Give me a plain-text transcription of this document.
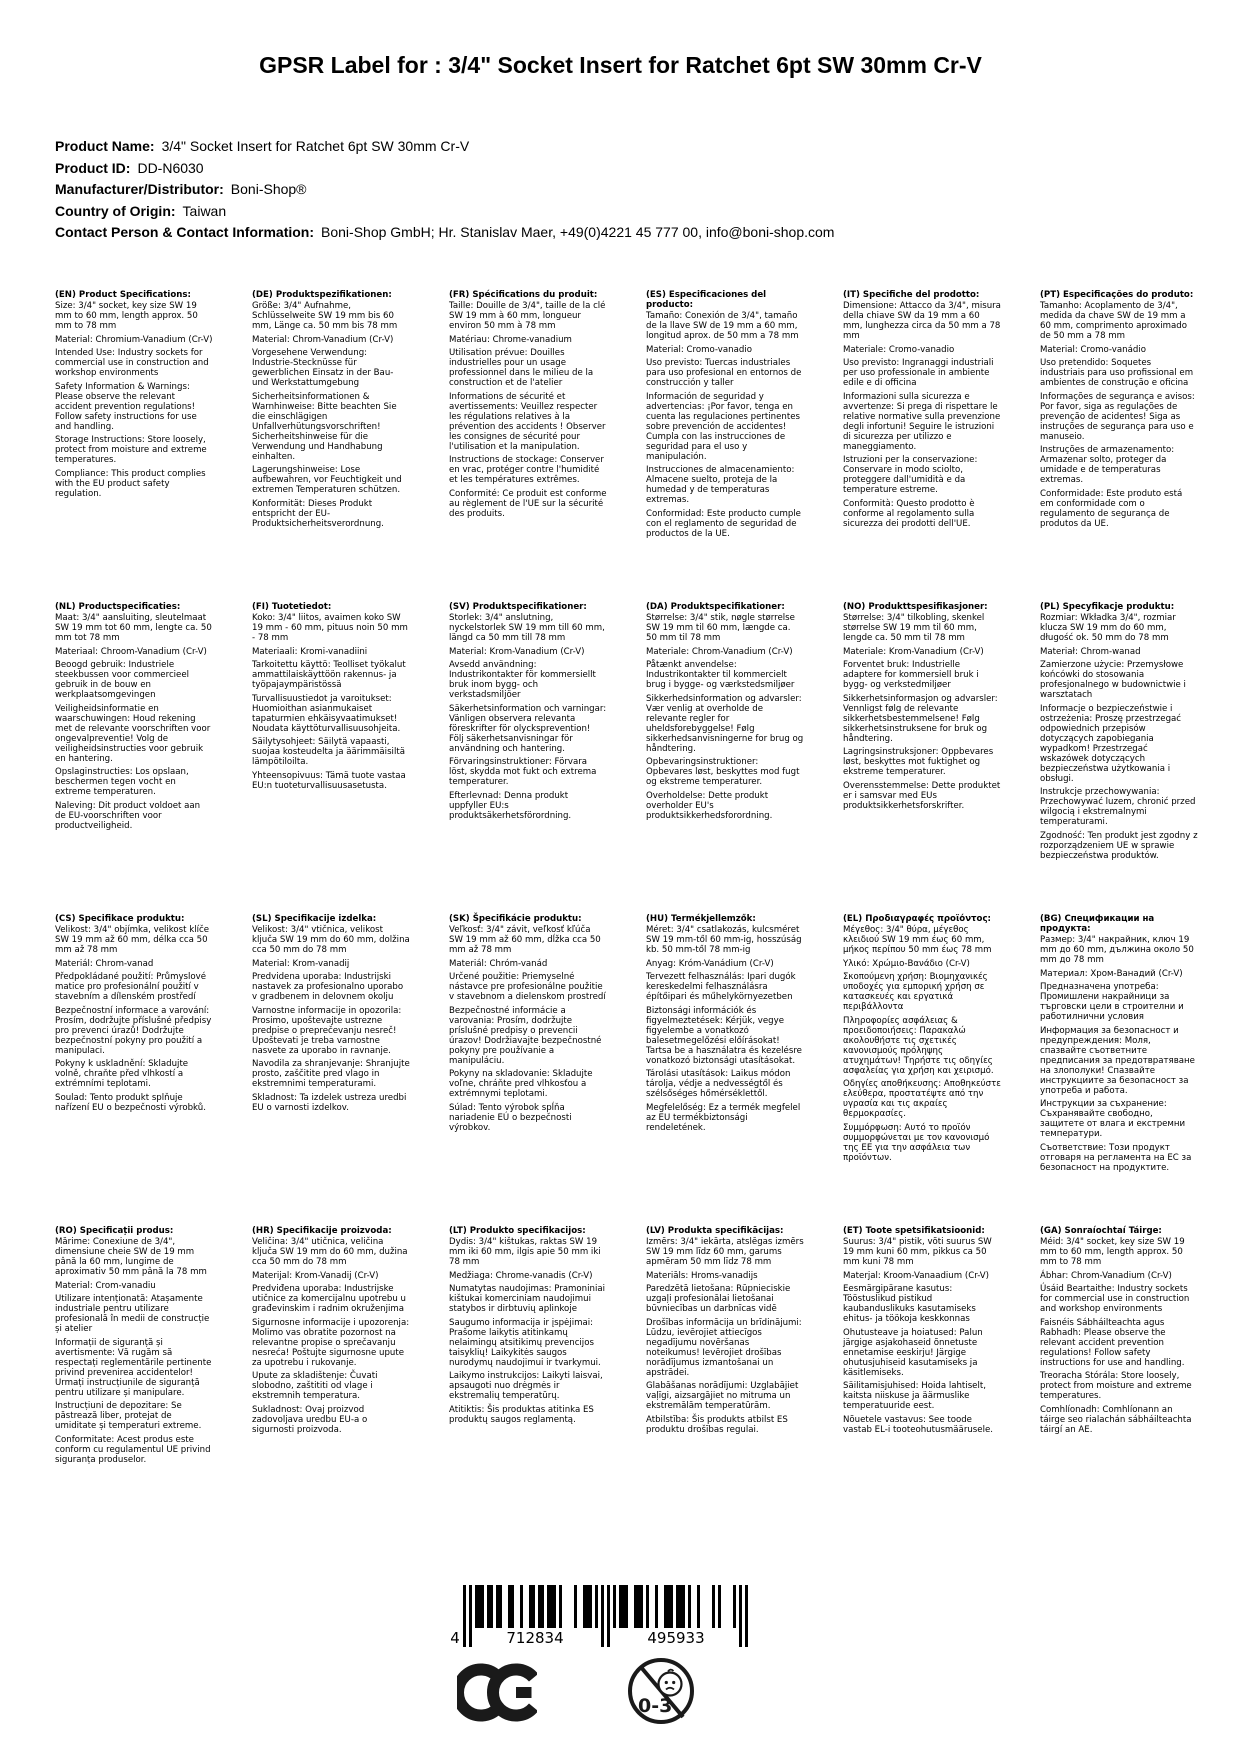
GPSR Label for : 3/4" Socket Insert for Ratchet 6pt SW 30mm Cr-V
Product Name: 3/4" Socket Insert for Ratchet 6pt SW 30mm Cr-V
Product ID: DD-N6030
Manufacturer/Distributor: Boni-Shop®
Country of Origin: Taiwan
Contact Person & Contact Information: Boni-Shop GmbH; Hr. Stanislav Maer, +49(0)4221 45 777 00, info@boni-shop.com
(EN) Product Specifications:

Size: 3/4" socket, key size SW 19 mm to 60 mm, length approx. 50 mm to 78 mm

Material: Chromium-Vanadium (Cr-V)

Intended Use: Industry sockets for commercial use in construction and workshop environments

Safety Information & Warnings: Please observe the relevant accident prevention regulations! Follow safety instructions for use and handling.

Storage Instructions: Store loosely, protect from moisture and extreme temperatures.

Compliance: This product complies with the EU product safety regulation.

(DE) Produktspezifikationen:

Größe: 3/4" Aufnahme, Schlüsselweite SW 19 mm bis 60 mm, Länge ca. 50 mm bis 78 mm

Material: Chrom-Vanadium (Cr-V)

Vorgesehene Verwendung: Industrie-Stecknüsse für gewerblichen Einsatz in der Bau- und Werkstattumgebung

Sicherheitsinformationen & Warnhinweise: Bitte beachten Sie die einschlägigen Unfallverhütungsvorschriften! Sicherheitshinweise für die Verwendung und Handhabung einhalten.

Lagerungshinweise: Lose aufbewahren, vor Feuchtigkeit und extremen Temperaturen schützen.

Konformität: Dieses Produkt entspricht der EU-Produktsicherheitsverordnung.

(FR) Spécifications du produit:

Taille: Douille de 3/4", taille de la clé SW 19 mm à 60 mm, longueur environ 50 mm à 78 mm

Matériau: Chrome-vanadium

Utilisation prévue: Douilles industrielles pour un usage professionnel dans le milieu de la construction et de l'atelier

Informations de sécurité et avertissements: Veuillez respecter les régulations relatives à la prévention des accidents ! Observer les consignes de sécurité pour l'utilisation et la manipulation.

Instructions de stockage: Conserver en vrac, protéger contre l'humidité et les températures extrêmes.

Conformité: Ce produit est conforme au règlement de l'UE sur la sécurité des produits.

(ES) Especificaciones del producto:

Tamaño: Conexión de 3/4", tamaño de la llave SW de 19 mm a 60 mm, longitud aprox. de 50 mm a 78 mm

Material: Cromo-vanadio

Uso previsto: Tuercas industriales para uso profesional en entornos de construcción y taller

Información de seguridad y advertencias: ¡Por favor, tenga en cuenta las regulaciones pertinentes sobre prevención de accidentes! Cumpla con las instrucciones de seguridad para el uso y manipulación.

Instrucciones de almacenamiento: Almacene suelto, proteja de la humedad y de temperaturas extremas.

Conformidad: Este producto cumple con el reglamento de seguridad de productos de la UE.

(IT) Specifiche del prodotto:

Dimensione: Attacco da 3/4", misura della chiave SW da 19 mm a 60 mm, lunghezza circa da 50 mm a 78 mm

Materiale: Cromo-vanadio

Uso previsto: Ingranaggi industriali per uso professionale in ambiente edile e di officina

Informazioni sulla sicurezza e avvertenze: Si prega di rispettare le relative normative sulla prevenzione degli infortuni! Seguire le istruzioni di sicurezza per utilizzo e maneggiamento.

Istruzioni per la conservazione: Conservare in modo sciolto, proteggere dall'umidità e da temperature estreme.

Conformità: Questo prodotto è conforme al regolamento sulla sicurezza dei prodotti dell'UE.

(PT) Especificações do produto:

Tamanho: Acoplamento de 3/4", medida da chave SW de 19 mm a 60 mm, comprimento aproximado de 50 mm a 78 mm

Material: Cromo-vanádio

Uso pretendido: Soquetes industriais para uso profissional em ambientes de construção e oficina

Informações de segurança e avisos: Por favor, siga as regulações de prevenção de acidentes! Siga as instruções de segurança para uso e manuseio.

Instruções de armazenamento: Armazenar solto, proteger da umidade e de temperaturas extremas.

Conformidade: Este produto está em conformidade com o regulamento de segurança de produtos da UE.

(NL) Productspecificaties:

Maat: 3/4" aansluiting, sleutelmaat SW 19 mm tot 60 mm, lengte ca. 50 mm tot 78 mm

Materiaal: Chroom-Vanadium (Cr-V)

Beoogd gebruik: Industriele steekbussen voor commercieel gebruik in de bouw en werkplaatsomgevingen

Veiligheidsinformatie en waarschuwingen: Houd rekening met de relevante voorschriften voor ongevalpreventie! Volg de veiligheidsinstructies voor gebruik en hantering.

Opslaginstructies: Los opslaan, beschermen tegen vocht en extreme temperaturen.

Naleving: Dit product voldoet aan de EU-voorschriften voor productveiligheid.

(FI) Tuotetiedot:

Koko: 3/4" liitos, avaimen koko SW 19 mm - 60 mm, pituus noin 50 mm - 78 mm

Materiaali: Kromi-vanadiini

Tarkoitettu käyttö: Teolliset työkalut ammattilaiskäyttöön rakennus- ja työpajaympäristössä

Turvallisuustiedot ja varoitukset: Huomioithan asianmukaiset tapaturmien ehkäisyvaatimukset! Noudata käyttöturvallisuusohjeita.

Säilytysohjeet: Säilytä vapaasti, suojaa kosteudelta ja äärimmäisiltä lämpötiloilta.

Yhteensopivuus: Tämä tuote vastaa EU:n tuoteturvallisuusasetusta.

(SV) Produktspecifikationer:

Storlek: 3/4" anslutning, nyckelstorlek SW 19 mm till 60 mm, längd ca 50 mm till 78 mm

Material: Krom-Vanadium (Cr-V)

Avsedd användning: Industrikontakter för kommersiellt bruk inom bygg- och verkstadsmiljöer

Säkerhetsinformation och varningar: Vänligen observera relevanta föreskrifter för olycksprevention! Följ säkerhetsanvisningar för användning och hantering.

Förvaringsinstruktioner: Förvara löst, skydda mot fukt och extrema temperaturer.

Efterlevnad: Denna produkt uppfyller EU:s produktsäkerhetsförordning.

(DA) Produktspecifikationer:

Størrelse: 3/4" stik, nøgle størrelse SW 19 mm til 60 mm, længde ca. 50 mm til 78 mm

Materiale: Chrom-Vanadium (Cr-V)

Påtænkt anvendelse: Industrikontakter til kommercielt brug i bygge- og værkstedsmiljøer

Sikkerhedsinformation og advarsler: Vær venlig at overholde de relevante regler for uheldsforebyggelse! Følg sikkerhedsanvisningerne for brug og håndtering.

Opbevaringsinstruktioner: Opbevares løst, beskyttes mod fugt og ekstreme temperaturer.

Overholdelse: Dette produkt overholder EU's produktsikkerhedsforordning.

(NO) Produkttspesifikasjoner:

Størrelse: 3/4" tilkobling, skenkel størrelse SW 19 mm til 60 mm, lengde ca. 50 mm til 78 mm

Materiale: Krom-Vanadium (Cr-V)

Forventet bruk: Industrielle adaptere for kommersiell bruk i bygg- og verkstedmiljøer

Sikkerhetsinformasjon og advarsler: Vennligst følg de relevante sikkerhetsbestemmelsene! Følg sikkerhetsinstruksene for bruk og håndtering.

Lagringsinstruksjoner: Oppbevares løst, beskyttes mot fuktighet og ekstreme temperaturer.

Overensstemmelse: Dette produktet er i samsvar med EUs produktsikkerhetsforskrifter.

(PL) Specyfikacje produktu:

Rozmiar: Wkładka 3/4", rozmiar klucza SW 19 mm do 60 mm, długość ok. 50 mm do 78 mm

Materiał: Chrom-wanad

Zamierzone użycie: Przemysłowe końcówki do stosowania profesjonalnego w budownictwie i warsztatach

Informacje o bezpieczeństwie i ostrzeżenia: Proszę przestrzegać odpowiednich przepisów dotyczących zapobiegania wypadkom! Przestrzegać wskazówek dotyczących bezpieczeństwa użytkowania i obsługi.

Instrukcje przechowywania: Przechowywać luzem, chronić przed wilgocią i ekstremalnymi temperaturami.

Zgodność: Ten produkt jest zgodny z rozporządzeniem UE w sprawie bezpieczeństwa produktów.

(CS) Specifikace produktu:

Velikost: 3/4" objímka, velikost klíče SW 19 mm až 60 mm, délka cca 50 mm až 78 mm

Materiál: Chrom-vanad

Předpokládané použití: Průmyslové matice pro profesionální použití v stavebním a dílenském prostředí

Bezpečnostní informace a varování: Prosím, dodržujte příslušné předpisy pro prevenci úrazů! Dodržujte bezpečnostní pokyny pro použití a manipulaci.

Pokyny k uskladnění: Skladujte volně, chraňte před vlhkostí a extrémními teplotami.

Soulad: Tento produkt splňuje nařízení EU o bezpečnosti výrobků.

(SL) Specifikacije izdelka:

Velikost: 3/4" vtičnica, velikost ključa SW 19 mm do 60 mm, dolžina cca 50 mm do 78 mm

Material: Krom-vanadij

Predvidena uporaba: Industrijski nastavek za profesionalno uporabo v gradbenem in delovnem okolju

Varnostne informacije in opozorila: Prosimo, upoštevajte ustrezne predpise o preprečevanju nesreč! Upoštevati je treba varnostne nasvete za uporabo in ravnanje.

Navodila za shranjevanje: Shranjujte prosto, zaščitite pred vlago in ekstremnimi temperaturami.

Skladnost: Ta izdelek ustreza uredbi EU o varnosti izdelkov.

(SK) Špecifikácie produktu:

Veľkosť: 3/4" závit, veľkosť kľúča SW 19 mm až 60 mm, dĺžka cca 50 mm až 78 mm

Materiál: Chróm-vanád

Určené použitie: Priemyselné nástavce pre profesionálne použitie v stavebnom a dielenskom prostredí

Bezpečnostné informácie a varovania: Prosím, dodržujte príslušné predpisy o prevencii úrazov! Dodržiavajte bezpečnostné pokyny pre používanie a manipuláciu.

Pokyny na skladovanie: Skladujte voľne, chráňte pred vlhkosťou a extrémnymi teplotami.

Súlad: Tento výrobok spĺňa nariadenie EÚ o bezpečnosti výrobkov.

(HU) Termékjellemzők:

Méret: 3/4" csatlakozás, kulcsméret SW 19 mm-től 60 mm-ig, hosszúság kb. 50 mm-től 78 mm-ig

Anyag: Króm-Vanádium (Cr-V)

Tervezett felhasználás: Ipari dugók kereskedelmi felhasználásra építőipari és műhelykörnyezetben

Biztonsági információk és figyelmeztetések: Kérjük, vegye figyelembe a vonatkozó balesetmegelőzési előírásokat! Tartsa be a használatra és kezelésre vonatkozó biztonsági utasításokat.

Tárolási utasítások: Laikus módon tárolja, védje a nedvességtől és szélsőséges hőmérséklettől.

Megfelelőség: Ez a termék megfelel az EU termékbiztonsági rendeletének.

(EL) Προδιαγραφές προϊόντος:

Μέγεθος: 3/4" θύρα, μέγεθος κλειδιού SW 19 mm έως 60 mm, μήκος περίπου 50 mm έως 78 mm

Υλικό: Χρώμιο-Βανάδιο (Cr-V)

Σκοπούμενη χρήση: Βιομηχανικές υποδοχές για εμπορική χρήση σε κατασκευές και εργατικά περιβάλλοντα

Πληροφορίες ασφάλειας & προειδοποιήσεις: Παρακαλώ ακολουθήστε τις σχετικές κανονισμούς πρόληψης ατυχημάτων! Τηρήστε τις οδηγίες ασφαλείας για χρήση και χειρισμό.

Οδηγίες αποθήκευσης: Αποθηκεύστε ελεύθερα, προστατέψτε από την υγρασία και τις ακραίες θερμοκρασίες.

Συμμόρφωση: Αυτό το προϊόν συμμορφώνεται με τον κανονισμό της ΕΕ για την ασφάλεια των προϊόντων.

(BG) Спецификации на продукта:

Размер: 3/4" накрайник, ключ 19 mm до 60 mm, дължина около 50 mm до 78 mm

Материал: Хром-Ванадий (Cr-V)

Предназначена употреба: Промишлени накрайници за търговски цели в строителни и работилнични условия

Информация за безопасност и предупреждения: Моля, спазвайте съответните предписания за предотвратяване на злополуки! Спазвайте инструкциите за безопасност за употреба и работа.

Инструкции за съхранение: Съхранявайте свободно, защитете от влага и екстремни температури.

Съответствие: Този продукт отговаря на регламента на ЕС за безопасност на продуктите.

(RO) Specificații produs:

Mărime: Conexiune de 3/4", dimensiune cheie SW de 19 mm până la 60 mm, lungime de aproximativ 50 mm până la 78 mm

Material: Crom-vanadiu

Utilizare intenționată: Atașamente industriale pentru utilizare profesională în medii de construcție și atelier

Informații de siguranță și avertismente: Vă rugăm să respectați reglementările pertinente privind prevenirea accidentelor! Urmați instrucțiunile de siguranță pentru utilizare și manipulare.

Instrucțiuni de depozitare: Se păstrează liber, protejat de umiditate și temperaturi extreme.

Conformitate: Acest produs este conform cu regulamentul UE privind siguranța produselor.

(HR) Specifikacije proizvoda:

Veličina: 3/4" utičnica, veličina ključa SW 19 mm do 60 mm, dužina cca 50 mm do 78 mm

Materijal: Krom-Vanadij (Cr-V)

Predviđena uporaba: Industrijske utičnice za komercijalnu upotrebu u građevinskim i radnim okruženjima

Sigurnosne informacije i upozorenja: Molimo vas obratite pozornost na relevantne propise o sprečavanju nesreća! Poštujte sigurnosne upute za upotrebu i rukovanje.

Upute za skladištenje: Čuvati slobodno, zaštititi od vlage i ekstremnih temperatura.

Sukladnost: Ovaj proizvod zadovoljava uredbu EU-a o sigurnosti proizvoda.

(LT) Produkto specifikacijos:

Dydis: 3/4" kištukas, raktas SW 19 mm iki 60 mm, ilgis apie 50 mm iki 78 mm

Medžiaga: Chrome-vanadis (Cr-V)

Numatytas naudojimas: Pramoniniai kištukai komerciniam naudojimui statybos ir dirbtuvių aplinkoje

Saugumo informacija ir įspėjimai: Prašome laikytis atitinkamų nelaimingų atsitikimų prevencijos taisyklių! Laikykitės saugos nurodymų naudojimui ir tvarkymui.

Laikymo instrukcijos: Laikyti laisvai, apsaugoti nuo drėgmės ir ekstremalių temperatūrų.

Atitiktis: Šis produktas atitinka ES produktų saugos reglamentą.

(LV) Produkta specifikācijas:

Izmērs: 3/4" iekārta, atslēgas izmērs SW 19 mm līdz 60 mm, garums apmēram 50 mm līdz 78 mm

Materiāls: Hroms-vanadijs

Paredzētā lietošana: Rūpnieciskie uzgaļi profesionālai lietošanai būvniecības un darbnīcas vidē

Drošības informācija un brīdinājumi: Lūdzu, ievērojiet attiecīgos negadījumu novēršanas noteikumus! Ievērojiet drošības norādījumus izmantošanai un apstrādei.

Glabāšanas norādījumi: Uzglabājiet vaļīgi, aizsargājiet no mitruma un ekstremālām temperatūrām.

Atbilstība: Šis produkts atbilst ES produktu drošības regulai.

(ET) Toote spetsifikatsioonid:

Suurus: 3/4" pistik, võti suurus SW 19 mm kuni 60 mm, pikkus ca 50 mm kuni 78 mm

Materjal: Kroom-Vanaadium (Cr-V)

Eesmärgipärane kasutus: Tööstuslikud pistikud kaubanduslikuks kasutamiseks ehitus- ja töökoja keskkonnas

Ohutusteave ja hoiatused: Palun järgige asjakohaseid õnnetuste ennetamise eeskirju! Järgige ohutusjuhiseid kasutamiseks ja käsitlemiseks.

Säilitamisjuhised: Hoida lahtiselt, kaitsta niiskuse ja äärmuslike temperatuuride eest.

Nõuetele vastavus: See toode vastab EL-i tooteohutusmäärusele.

(GA) Sonraíochtaí Táirge:

Méid: 3/4" socket, key size SW 19 mm to 60 mm, length approx. 50 mm to 78 mm

Ábhar: Chrom-Vanadium (Cr-V)

Úsáid Beartaithe: Industry sockets for commercial use in construction and workshop environments

Faisnéis Sábháilteachta agus Rabhadh: Please observe the relevant accident prevention regulations! Follow safety instructions for use and handling.

Treoracha Stórála: Store loosely, protect from moisture and extreme temperatures.

Comhlíonadh: Comhlíonann an táirge seo rialachán sábháilteachta táirgí an AE.

4	712834	495933
0-3
